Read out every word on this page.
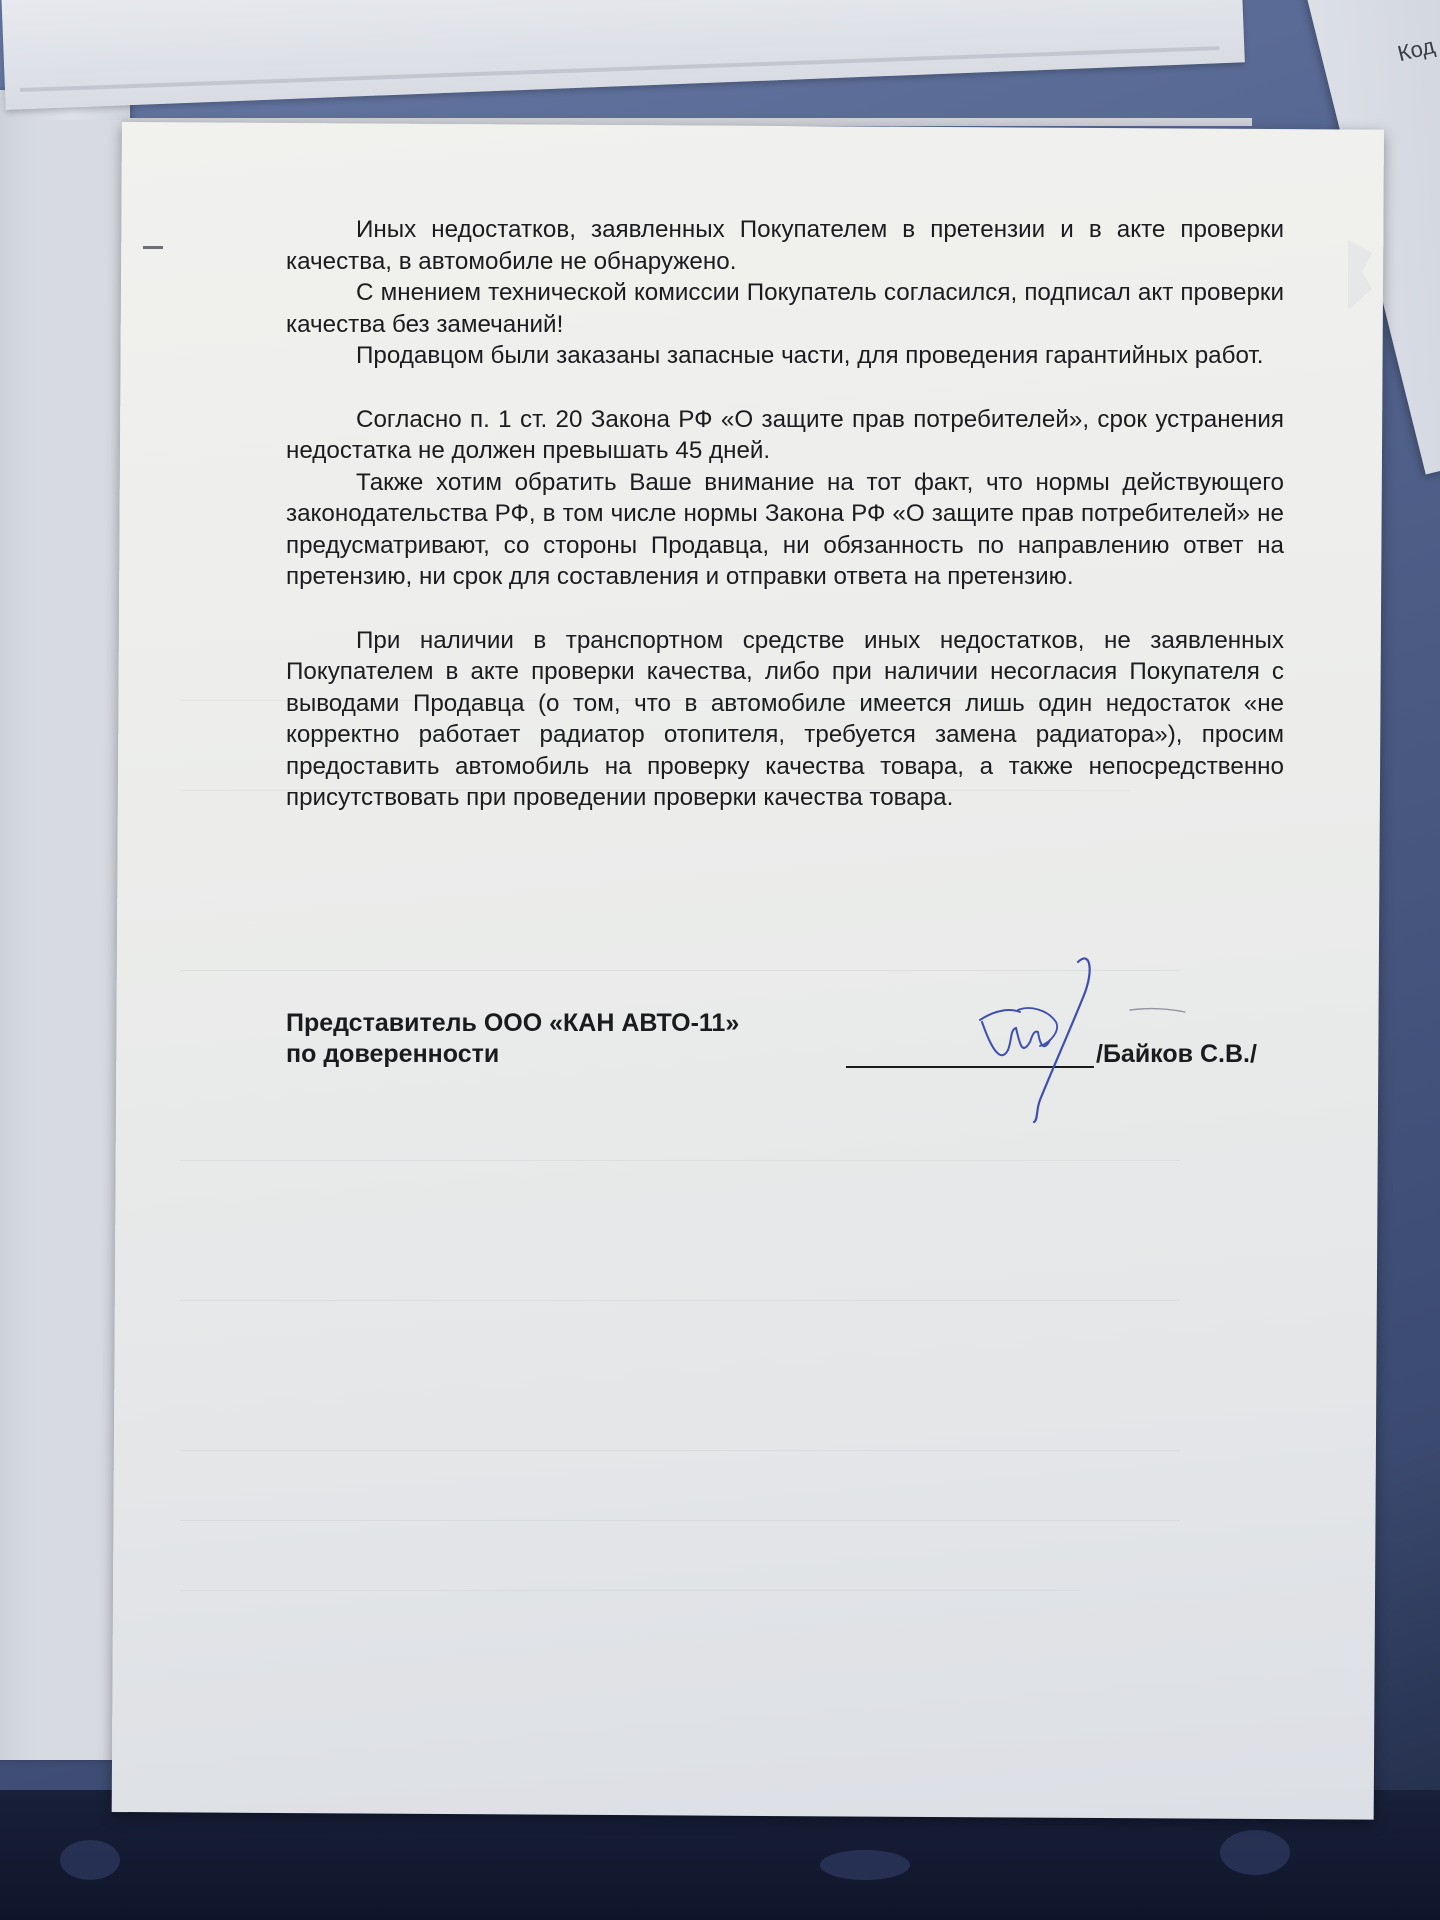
Код

Иных недостатков, заявленных Покупателем в претензии и в акте проверки качества, в автомобиле не обнаружено.

С мнением технической комиссии Покупатель согласился, подписал акт проверки качества без замечаний!

Продавцом были заказаны запасные части, для проведения гарантийных работ.

Согласно п. 1 ст. 20 Закона РФ «О защите прав потребителей», срок устранения недостатка не должен превышать 45 дней.

Также хотим обратить Ваше внимание на тот факт, что нормы действующего законодательства РФ, в том числе нормы Закона РФ «О защите прав потребителей» не предусматривают, со стороны Продавца, ни обязанность по направлению ответ на претензию, ни срок для составления и отправки ответа на претензию.

При наличии в транспортном средстве иных недостатков, не заявленных Покупателем в акте проверки качества, либо при наличии несогласия Покупателя с выводами Продавца (о том, что в автомобиле имеется лишь один недостаток «не корректно работает радиатор отопителя, требуется замена радиатора»), просим предоставить автомобиль на проверку качества товара, а также непосредственно присутствовать при проведении проверки качества товара.

Представитель ООО «КАН АВТО-11»
по доверенности	/Байков С.В./
